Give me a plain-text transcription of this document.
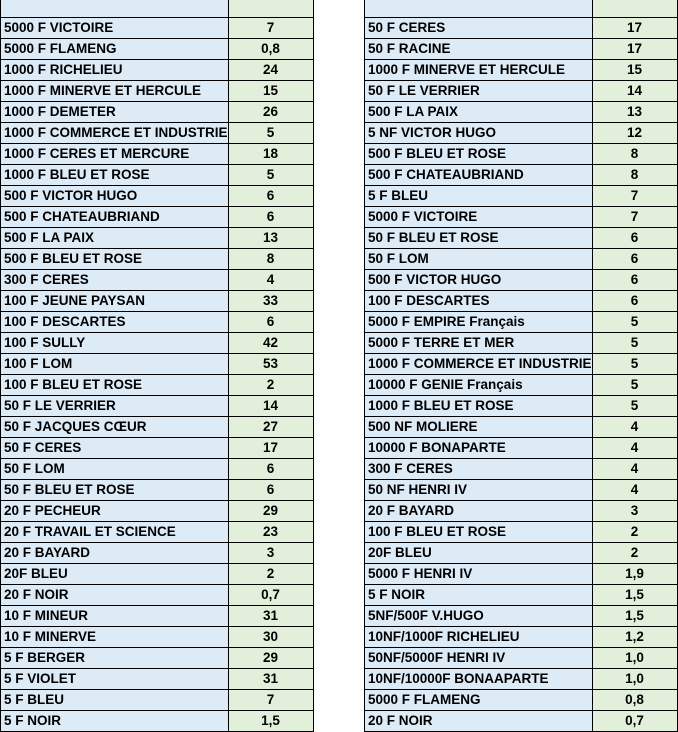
5000 F VICTOIRE	7
5000 F FLAMENG	0,8
1000 F RICHELIEU	24
1000 F MINERVE ET HERCULE	15
1000 F DEMETER	26
1000 F COMMERCE ET INDUSTRIE	5
1000 F CERES ET MERCURE	18
1000 F BLEU ET ROSE	5
500 F VICTOR HUGO	6
500 F CHATEAUBRIAND	6
500 F LA PAIX	13
500 F BLEU ET ROSE	8
300 F CERES	4
100 F JEUNE PAYSAN	33
100 F DESCARTES	6
100 F SULLY	42
100 F LOM	53
100 F BLEU ET ROSE	2
50 F LE VERRIER	14
50 F JACQUES CŒUR	27
50 F CERES	17
50 F LOM	6
50 F BLEU ET ROSE	6
20 F PECHEUR	29
20 F TRAVAIL ET SCIENCE	23
20 F BAYARD	3
20F BLEU	2
20 F NOIR	0,7
10 F MINEUR	31
10 F MINERVE	30
5 F BERGER	29
5 F VIOLET	31
5 F BLEU	7
5 F NOIR	1,5

50 F CERES	17
50 F RACINE	17
1000 F MINERVE ET HERCULE	15
50 F LE VERRIER	14
500 F LA PAIX	13
5 NF VICTOR HUGO	12
500 F BLEU ET ROSE	8
500 F CHATEAUBRIAND	8
5 F BLEU	7
5000 F VICTOIRE	7
50 F BLEU ET ROSE	6
50 F LOM	6
500 F VICTOR HUGO	6
100 F DESCARTES	6
5000 F EMPIRE Français	5
5000 F TERRE ET MER	5
1000 F COMMERCE ET INDUSTRIE	5
10000 F GENIE Français	5
1000 F BLEU ET ROSE	5
500 NF MOLIERE	4
10000 F BONAPARTE	4
300 F CERES	4
50 NF HENRI IV	4
20 F BAYARD	3
100 F BLEU ET ROSE	2
20F BLEU	2
5000 F HENRI IV	1,9
5 F NOIR	1,5
5NF/500F V.HUGO	1,5
10NF/1000F RICHELIEU	1,2
50NF/5000F HENRI IV	1,0
10NF/10000F BONAAPARTE	1,0
5000 F FLAMENG	0,8
20 F NOIR	0,7
